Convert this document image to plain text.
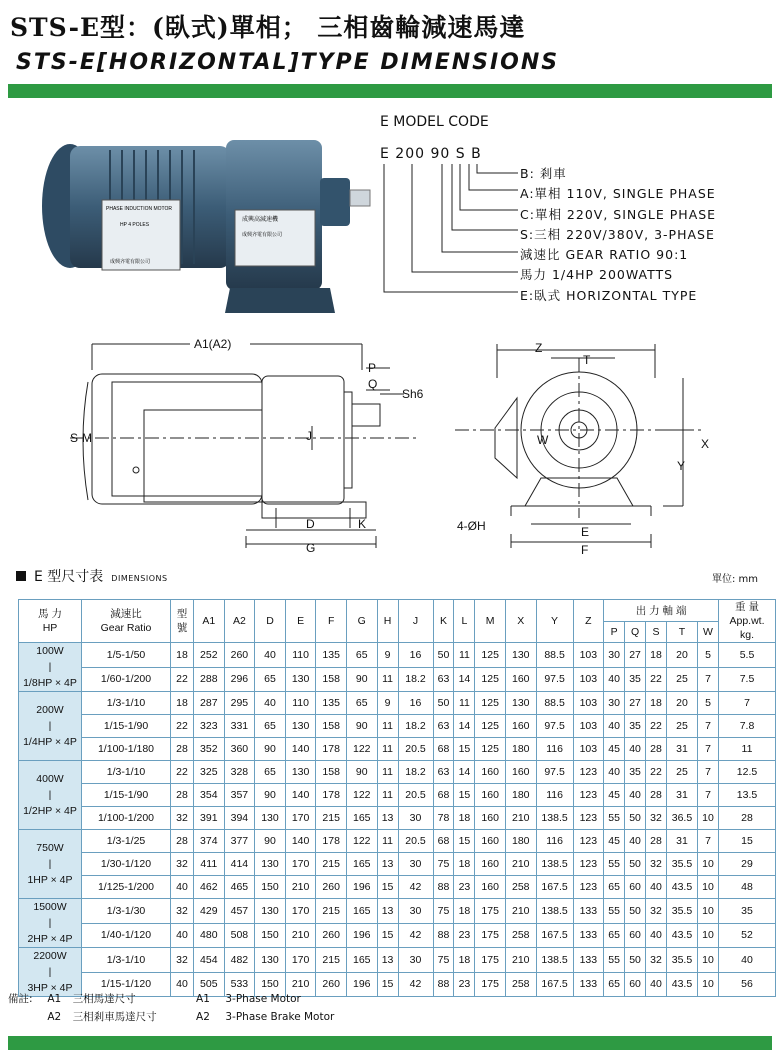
STS-E型：(臥式)單相； 三相齒輪減速馬達
STS-E[HORIZONTAL]TYPE DIMENSIONS
PHASE INDUCTION MOTOR
HP 4 POLES
成興齐電有限公司
成興高減速機
成興齐電有限公司
E MODEL CODE
E 200 90 S B
B: 剎車
A:單相 110V, SINGLE PHASE
C:單相 220V, SINGLE PHASE
S:三相 220V/380V, 3-PHASE
減速比 GEAR RATIO 90:1
馬力 1/4HP 200WATTS
E:臥式 HORIZONTAL TYPE
A1(A2)
P
Q
Sh6
S M	J
D
G
K
Z
T
W	X
Y
4-ØH	E
F
E 型尺寸表 DIMENSIONS	單位: mm
馬 力
HP	減速比
Gear Ratio	型號	A1	A2	D	E	F	G	H	J	K	L	M	X	Y	Z	出 力 軸 端					重 量
App.wt.
kg.

																	P	Q	S	T	W	

100W
|
1/8HP × 4P	1/5-1/50	18	252	260	40	110	135	65	9	16	50	11	125	130	88.5	103	30	27	18	20	5	5.5
	1/60-1/200	22	288	296	65	130	158	90	11	18.2	63	14	125	160	97.5	103	40	35	22	25	7	7.5

200W
|
1/4HP × 4P	1/3-1/10	18	287	295	40	110	135	65	9	16	50	11	125	130	88.5	103	30	27	18	20	5	7
	1/15-1/90	22	323	331	65	130	158	90	11	18.2	63	14	125	160	97.5	103	40	35	22	25	7	7.8
	1/100-1/180	28	352	360	90	140	178	122	11	20.5	68	15	125	180	116	103	45	40	28	31	7	11

400W
|
1/2HP × 4P	1/3-1/10	22	325	328	65	130	158	90	11	18.2	63	14	160	160	97.5	123	40	35	22	25	7	12.5
	1/15-1/90	28	354	357	90	140	178	122	11	20.5	68	15	160	180	116	123	45	40	28	31	7	13.5
	1/100-1/200	32	391	394	130	170	215	165	13	30	78	18	160	210	138.5	123	55	50	32	36.5	10	28

750W
|
1HP × 4P	1/3-1/25	28	374	377	90	140	178	122	11	20.5	68	15	160	180	116	123	45	40	28	31	7	15
	1/30-1/120	32	411	414	130	170	215	165	13	30	75	18	160	210	138.5	123	55	50	32	35.5	10	29
	1/125-1/200	40	462	465	150	210	260	196	15	42	88	23	160	258	167.5	123	65	60	40	43.5	10	48

1500W
|
2HP × 4P	1/3-1/30	32	429	457	130	170	215	165	13	30	75	18	175	210	138.5	133	55	50	32	35.5	10	35
	1/40-1/120	40	480	508	150	210	260	196	15	42	88	23	175	258	167.5	133	65	60	40	43.5	10	52

2200W
|
3HP × 4P	1/3-1/10	32	454	482	130	170	215	165	13	30	75	18	175	210	138.5	133	55	50	32	35.5	10	40
	1/15-1/120	40	505	533	150	210	260	196	15	42	88	23	175	258	167.5	133	65	60	40	43.5	10	56
備註: A1 三相馬達尺寸	A1 3-Phase Motor
A2 三相剎車馬達尺寸	A2 3-Phase Brake Motor
